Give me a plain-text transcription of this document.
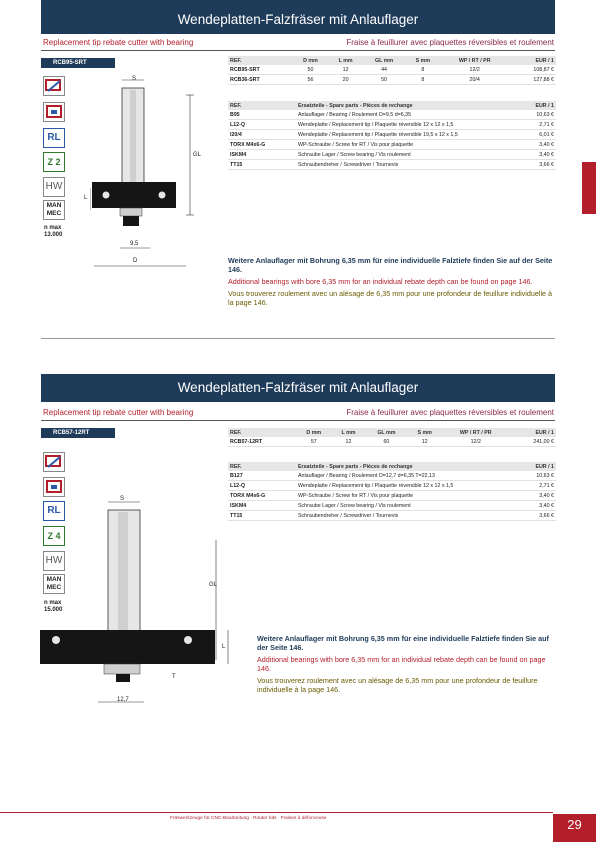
Wendeplatten-Falzfräser mit Anlauflager
Replacement tip rebate cutter with bearing	Fraise à feuillurer avec plaquettes réversibles et roulement
RCB95-SRT
RL
Z 2
HW
MAN
MEC
n max
13.000
S
GL
L
9,5
D
REF.	D mm	L mm	GL mm	S mm	WP / RT / PR	EUR / 1
RCB95-SRT	50	12	44	8	12/2	108,87 €
RCB36-SRT	56	20	50	8	20/4	127,88 €
REF.	Ersatzteile - Spare parts - Pièces de rechange	EUR / 1
B95	Anlauflager / Bearing / Roulement D=9,5 d=6,35	10,63 €
L12-Q	Wendeplatte / Replacement tip / Plaquette réversible 12 x 12 x 1,5	2,71 €
I20/4	Wendeplatte / Replacement tip / Plaquette réversible 19,5 x 12 x 1,5	6,01 €
TORX M4x6-G	WP-Schraube / Screw for RT / Vis pour plaquette	3,40 €
ISKM4	Schraube Lager / Screw bearing / Vis roulement	3,40 €
TT15	Schraubendreher / Screwdriver / Tournevis	3,66 €
Weitere Anlauflager mit Bohrung 6,35 mm für eine individuelle Falztiefe finden Sie auf der Seite 146.
Additional bearings with bore 6,35 mm for an individual rebate depth can be found on page 146.
Vous trouverez roulement avec un alésage de 6,35 mm pour une profondeur de feuillure individuelle à la page 146.
Wendeplatten-Falzfräser mit Anlauflager
Replacement tip rebate cutter with bearing	Fraise à feuillurer avec plaquettes réversibles et roulement
RCB57-12RT
RL
Z 4
HW
MAN
MEC
n max
15.000
S
GL
L
T
12,7
REF.	D mm	L mm	GL mm	S mm	WP / RT / PR	EUR / 1
RCB57-12RT	57	12	60	12	12/2	241,00 €
REF.	Ersatzteile - Spare parts - Pièces de rechange	EUR / 1
B127	Anlauflager / Bearing / Roulement D=12,7 d=6,35 T=22,13	10,63 €
L12-Q	Wendeplatte / Replacement tip / Plaquette réversible 12 x 12 x 1,5	2,71 €
TORX M4x6-G	WP-Schraube / Screw for RT / Vis pour plaquette	3,40 €
ISKM4	Schraube Lager / Screw bearing / Vis roulement	3,40 €
TT15	Schraubendreher / Screwdriver / Tournevis	3,66 €
Weitere Anlauflager mit Bohrung 6,35 mm für eine individuelle Falztiefe finden Sie auf der Seite 146.
Additional bearings with bore 6,35 mm for an individual rebate depth can be found on page 146.
Vous trouverez roulement avec un alésage de 6,35 mm pour une profondeur de feuillure individuelle à la page 146.
Fräswerkzeuge für CNC-Bearbeitung · Router bits · Fraises à défonceuse	29
